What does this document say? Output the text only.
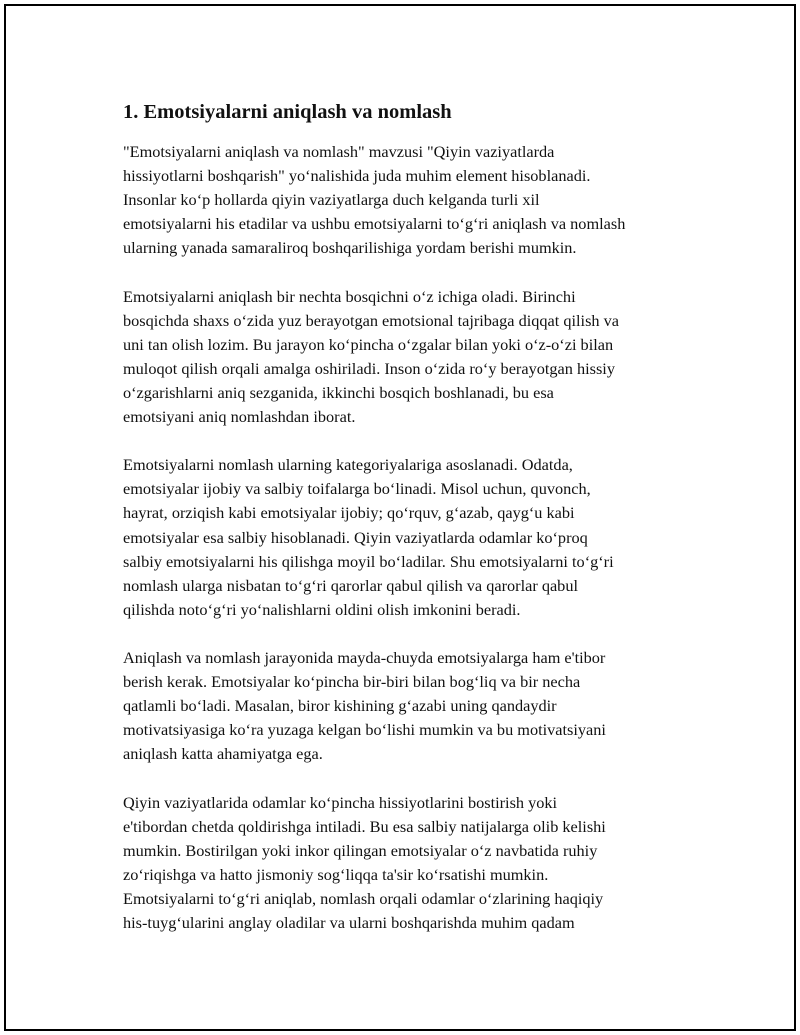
1. Emotsiyalarni aniqlash va nomlash
"Emotsiyalarni aniqlash va nomlash" mavzusi "Qiyin vaziyatlarda
hissiyotlarni boshqarish" yo‘nalishida juda muhim element hisoblanadi.
Insonlar ko‘p hollarda qiyin vaziyatlarga duch kelganda turli xil
emotsiyalarni his etadilar va ushbu emotsiyalarni to‘g‘ri aniqlash va nomlash
ularning yanada samaraliroq boshqarilishiga yordam berishi mumkin.
Emotsiyalarni aniqlash bir nechta bosqichni o‘z ichiga oladi. Birinchi
bosqichda shaxs o‘zida yuz berayotgan emotsional tajribaga diqqat qilish va
uni tan olish lozim. Bu jarayon ko‘pincha o‘zgalar bilan yoki o‘z-o‘zi bilan
muloqot qilish orqali amalga oshiriladi. Inson o‘zida ro‘y berayotgan hissiy
o‘zgarishlarni aniq sezganida, ikkinchi bosqich boshlanadi, bu esa
emotsiyani aniq nomlashdan iborat.
Emotsiyalarni nomlash ularning kategoriyalariga asoslanadi. Odatda,
emotsiyalar ijobiy va salbiy toifalarga bo‘linadi. Misol uchun, quvonch,
hayrat, orziqish kabi emotsiyalar ijobiy; qo‘rquv, g‘azab, qayg‘u kabi
emotsiyalar esa salbiy hisoblanadi. Qiyin vaziyatlarda odamlar ko‘proq
salbiy emotsiyalarni his qilishga moyil bo‘ladilar. Shu emotsiyalarni to‘g‘ri
nomlash ularga nisbatan to‘g‘ri qarorlar qabul qilish va qarorlar qabul
qilishda noto‘g‘ri yo‘nalishlarni oldini olish imkonini beradi.
Aniqlash va nomlash jarayonida mayda-chuyda emotsiyalarga ham e'tibor
berish kerak. Emotsiyalar ko‘pincha bir-biri bilan bog‘liq va bir necha
qatlamli bo‘ladi. Masalan, biror kishining g‘azabi uning qandaydir
motivatsiyasiga ko‘ra yuzaga kelgan bo‘lishi mumkin va bu motivatsiyani
aniqlash katta ahamiyatga ega.
Qiyin vaziyatlarida odamlar ko‘pincha hissiyotlarini bostirish yoki
e'tibordan chetda qoldirishga intiladi. Bu esa salbiy natijalarga olib kelishi
mumkin. Bostirilgan yoki inkor qilingan emotsiyalar o‘z navbatida ruhiy
zo‘riqishga va hatto jismoniy sog‘liqqa ta'sir ko‘rsatishi mumkin.
Emotsiyalarni to‘g‘ri aniqlab, nomlash orqali odamlar o‘zlarining haqiqiy
his-tuyg‘ularini anglay oladilar va ularni boshqarishda muhim qadam
